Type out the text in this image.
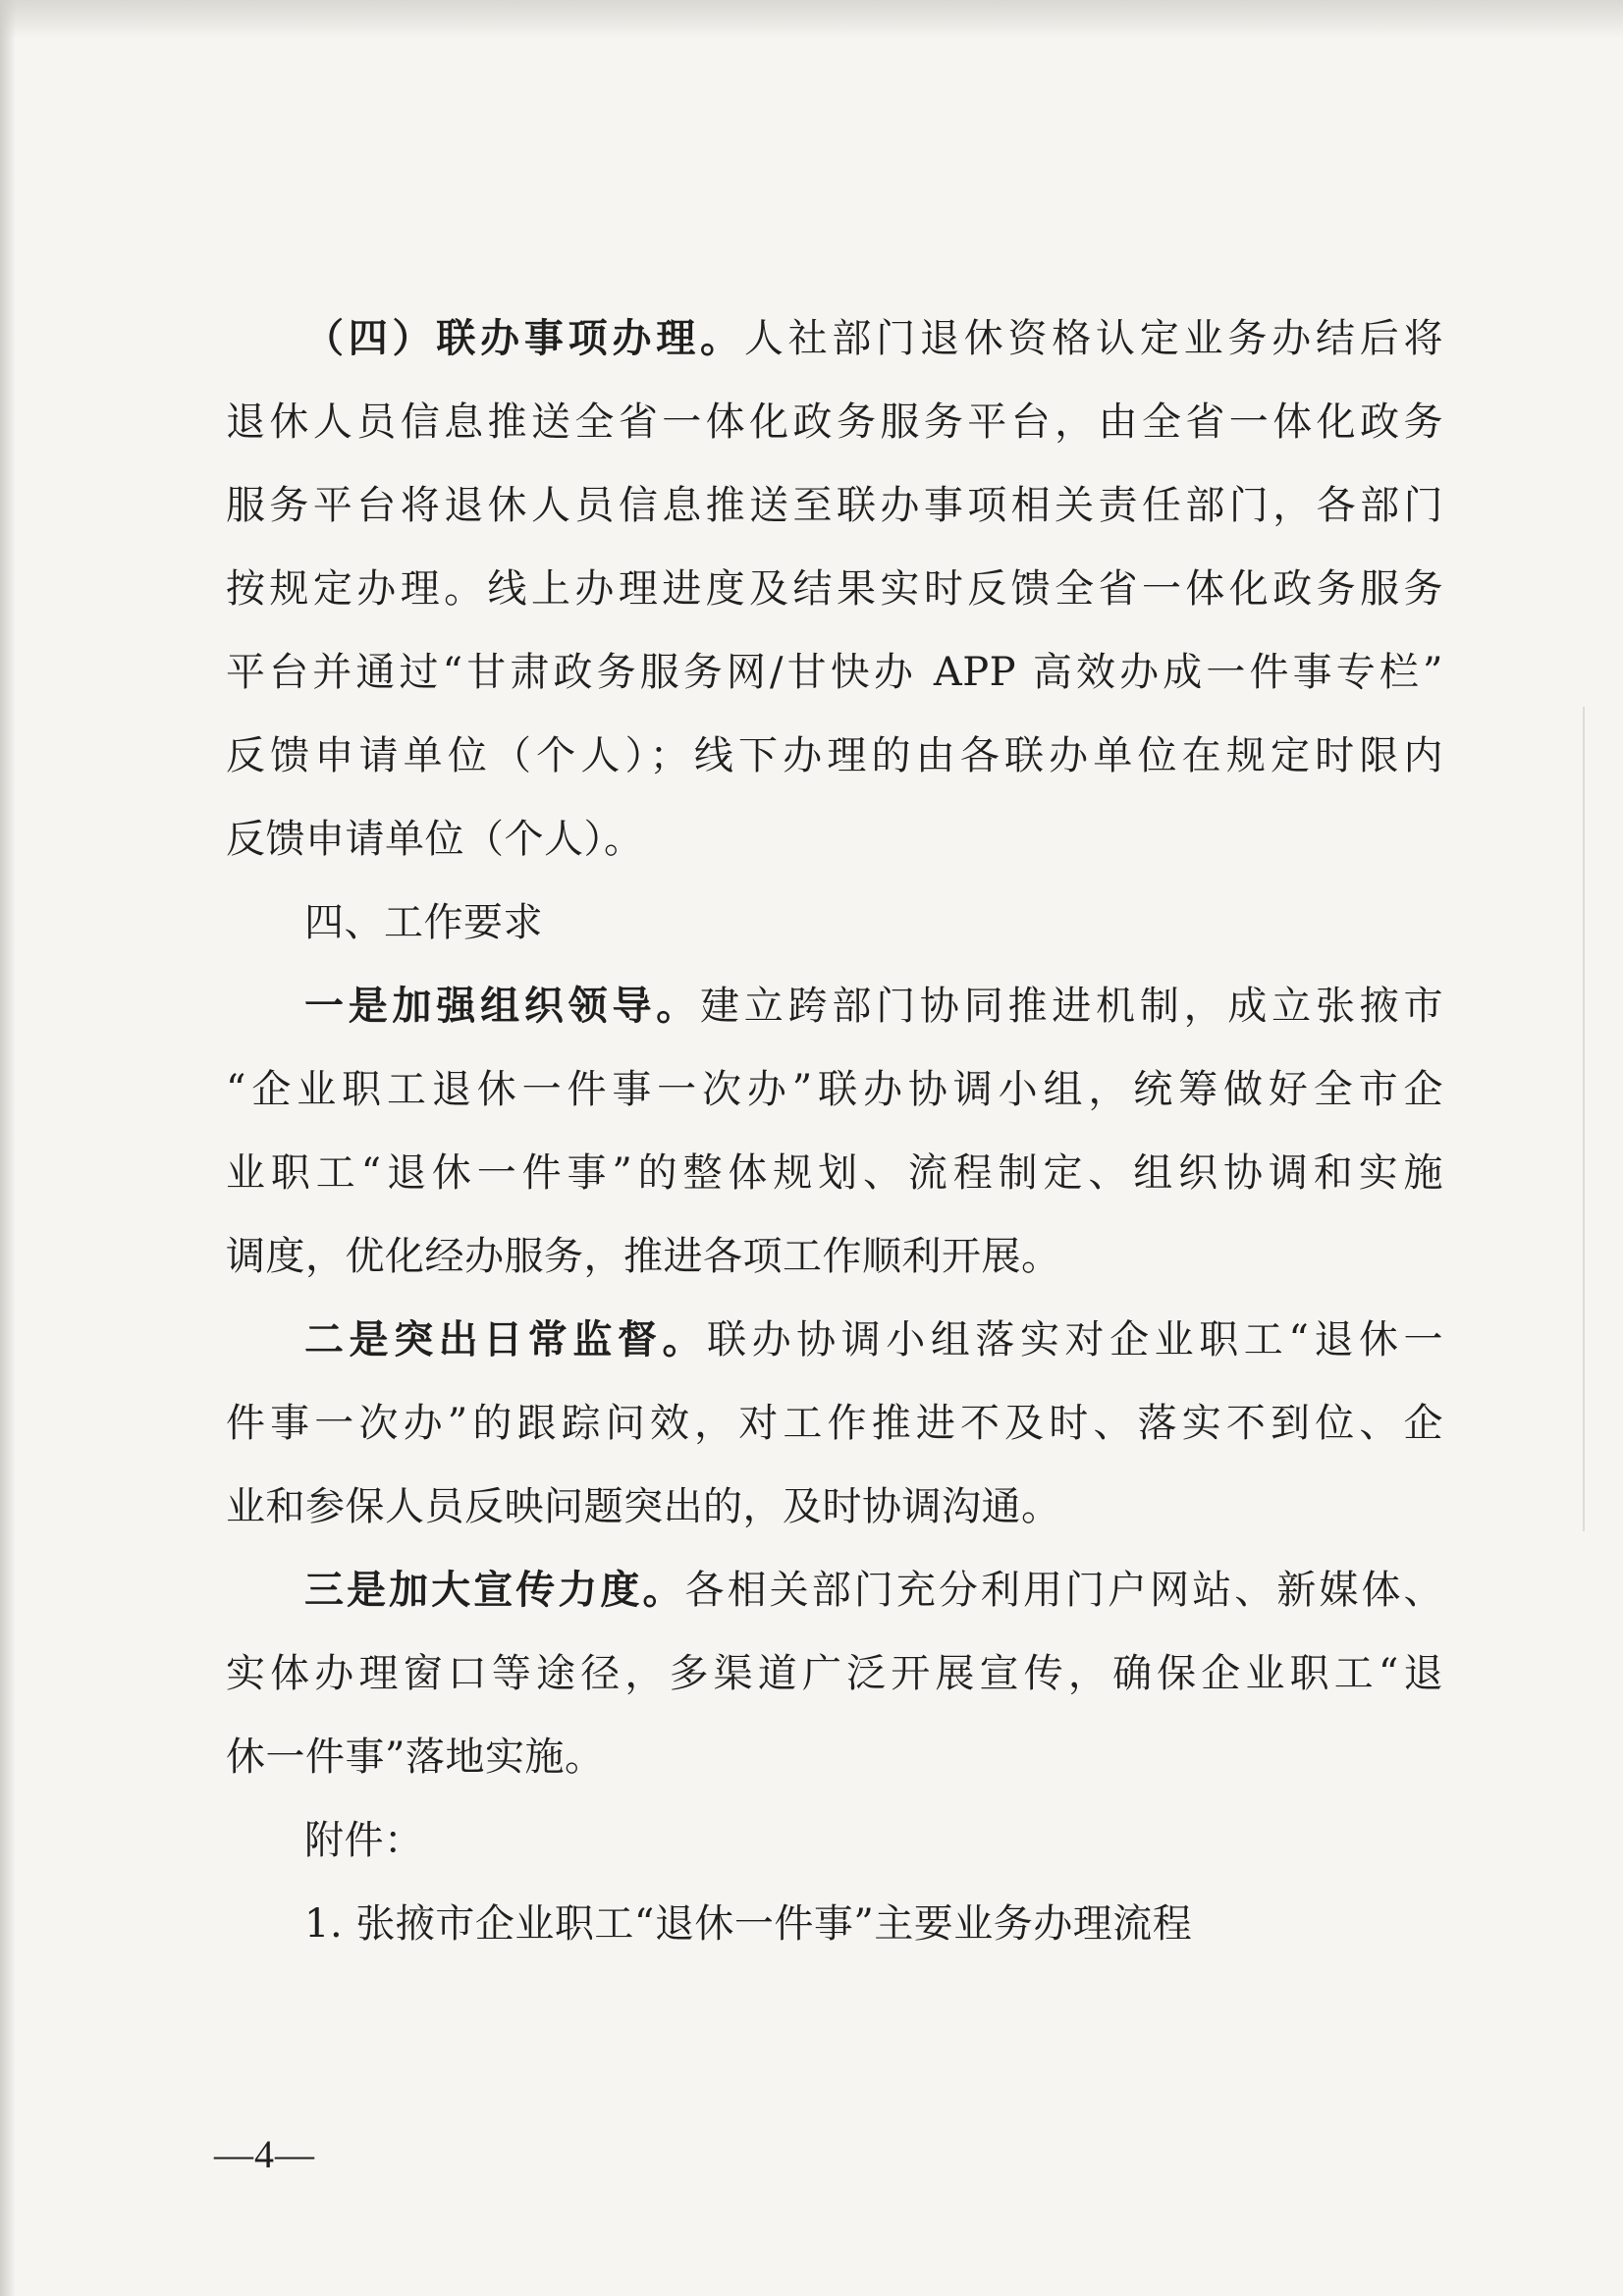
（四）联办事项办理。人社部门退休资格认定业务办结后将
退休人员信息推送全省一体化政务服务平台，由全省一体化政务
服务平台将退休人员信息推送至联办事项相关责任部门，各部门
按规定办理。线上办理进度及结果实时反馈全省一体化政务服务
平台并通过“甘肃政务服务网/甘快办 APP 高效办成一件事专栏”
反馈申请单位（个人）；线下办理的由各联办单位在规定时限内
反馈申请单位（个人）。
四、工作要求
一是加强组织领导。建立跨部门协同推进机制，成立张掖市
“企业职工退休一件事一次办”联办协调小组，统筹做好全市企
业职工“退休一件事”的整体规划、流程制定、组织协调和实施
调度，优化经办服务，推进各项工作顺利开展。
二是突出日常监督。联办协调小组落实对企业职工“退休一
件事一次办”的跟踪问效，对工作推进不及时、落实不到位、企
业和参保人员反映问题突出的，及时协调沟通。
三是加大宣传力度。各相关部门充分利用门户网站、新媒体、
实体办理窗口等途径，多渠道广泛开展宣传，确保企业职工“退
休一件事”落地实施。
附件：
1. 张掖市企业职工“退休一件事”主要业务办理流程
—4—
